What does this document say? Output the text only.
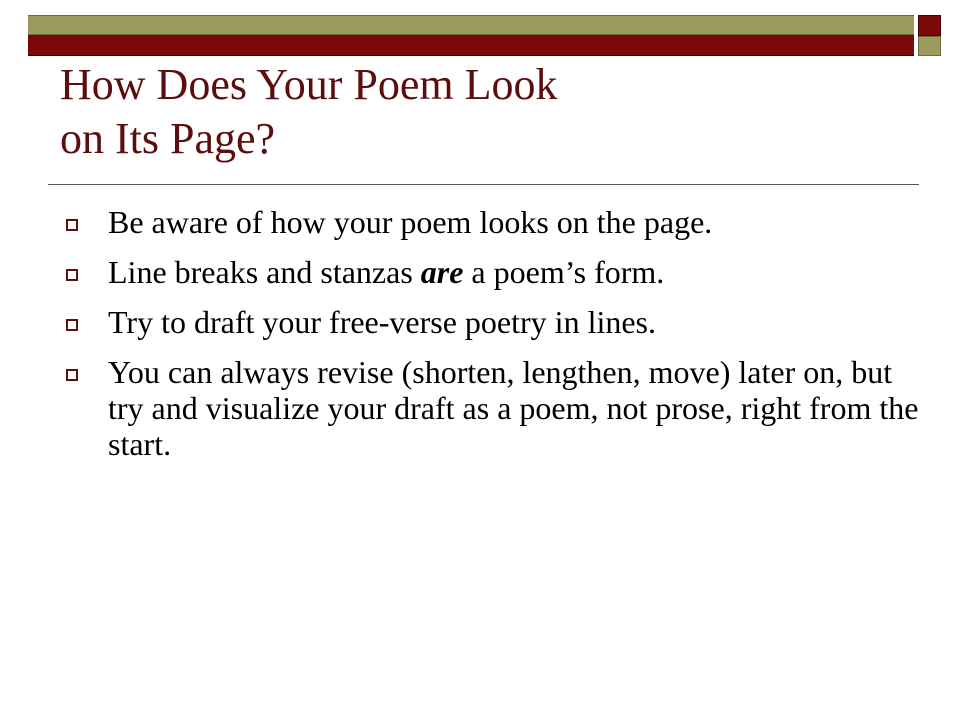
How Does Your Poem Look
on Its Page?
Be aware of how your poem looks on the page.
Line breaks and stanzas are a poem’s form.
Try to draft your free-verse poetry in lines.
You can always revise (shorten, lengthen, move) later on, but try and visualize your draft as a poem, not prose, right from the start.
